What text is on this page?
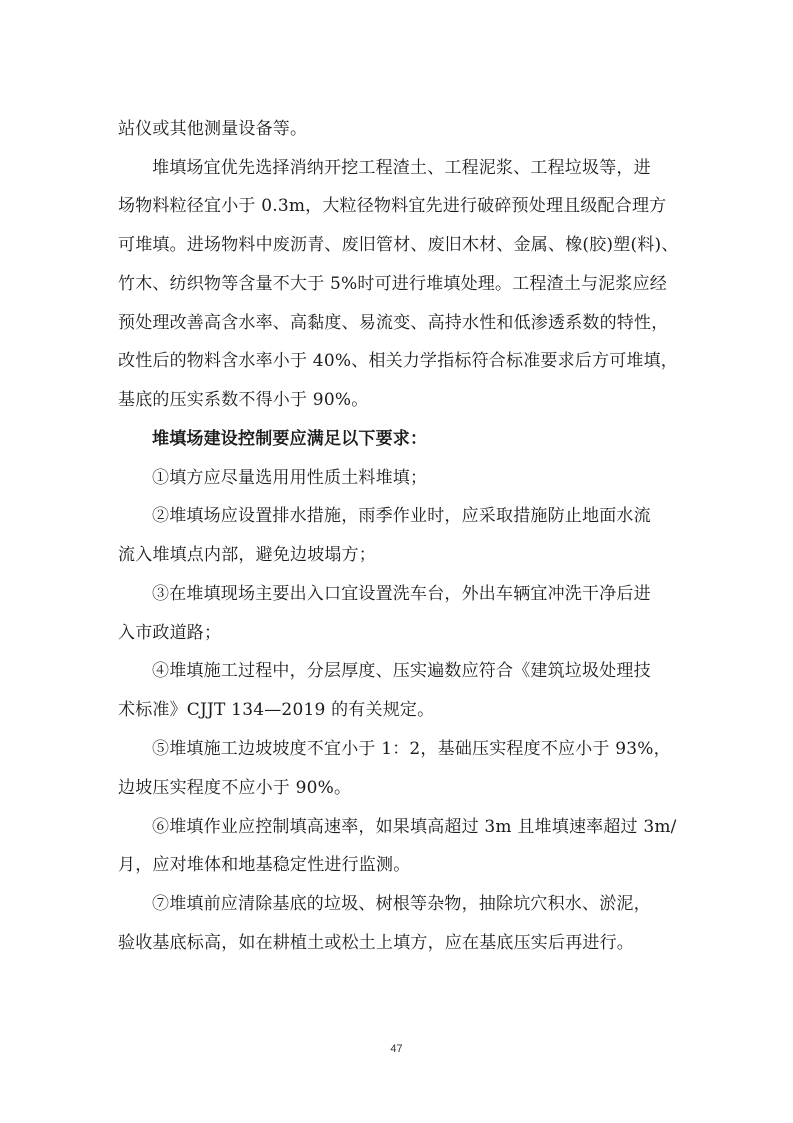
站仪或其他测量设备等。
堆填场宜优先选择消纳开挖工程渣土、工程泥浆、工程垃圾等，进
场物料粒径宜小于 0.3m，大粒径物料宜先进行破碎预处理且级配合理方
可堆填。进场物料中废沥青、废旧管材、废旧木材、金属、橡(胶)塑(料)、
竹木、纺织物等含量不大于 5%时可进行堆填处理。工程渣土与泥浆应经
预处理改善高含水率、高黏度、易流变、高持水性和低渗透系数的特性，
改性后的物料含水率小于 40%、相关力学指标符合标准要求后方可堆填，
基底的压实系数不得小于 90%。
堆填场建设控制要应满足以下要求：
①填方应尽量选用用性质土料堆填；
②堆填场应设置排水措施，雨季作业时，应采取措施防止地面水流
流入堆填点内部，避免边坡塌方；
③在堆填现场主要出入口宜设置洗车台，外出车辆宜冲洗干净后进
入市政道路；
④堆填施工过程中，分层厚度、压实遍数应符合《建筑垃圾处理技
术标准》CJJT 134—2019 的有关规定。
⑤堆填施工边坡坡度不宜小于 1：2，基础压实程度不应小于 93%，
边坡压实程度不应小于 90%。
⑥堆填作业应控制填高速率，如果填高超过 3m 且堆填速率超过 3m/
月，应对堆体和地基稳定性进行监测。
⑦堆填前应清除基底的垃圾、树根等杂物，抽除坑穴积水、淤泥，
验收基底标高，如在耕植土或松土上填方，应在基底压实后再进行。
47
